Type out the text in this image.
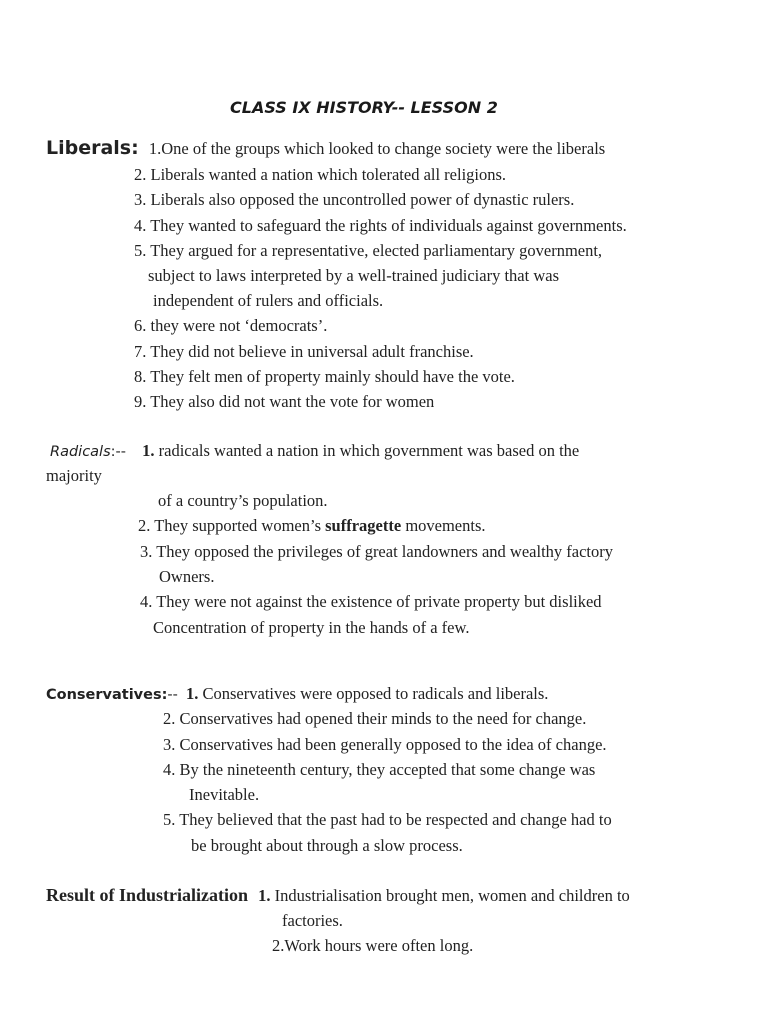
CLASS IX HISTORY-- LESSON 2
Liberals: 1.One of the groups which looked to change society were the liberals
2. Liberals wanted a nation which tolerated all religions.
3. Liberals also opposed the uncontrolled power of dynastic rulers.
4. They wanted to safeguard the rights of individuals against governments.
5. They argued for a representative, elected parliamentary government,
subject to laws interpreted by a well-trained judiciary that was
independent of rulers and officials.
6. they were not ‘democrats’.
7. They did not believe in universal adult franchise.
8. They felt men of property mainly should have the vote.
9. They also did not want the vote for women
Radicals:-- 1. radicals wanted a nation in which government was based on the
majority
of a country’s population.
2. They supported women’s suffragette movements.
3. They opposed the privileges of great landowners and wealthy factory
Owners.
4. They were not against the existence of private property but disliked
Concentration of property in the hands of a few.
Conservatives:-- 1. Conservatives were opposed to radicals and liberals.
2. Conservatives had opened their minds to the need for change.
3. Conservatives had been generally opposed to the idea of change.
4. By the nineteenth century, they accepted that some change was
Inevitable.
5. They believed that the past had to be respected and change had to
be brought about through a slow process.
Result of Industrialization 1. Industrialisation brought men, women and children to
factories.
2.Work hours were often long.
